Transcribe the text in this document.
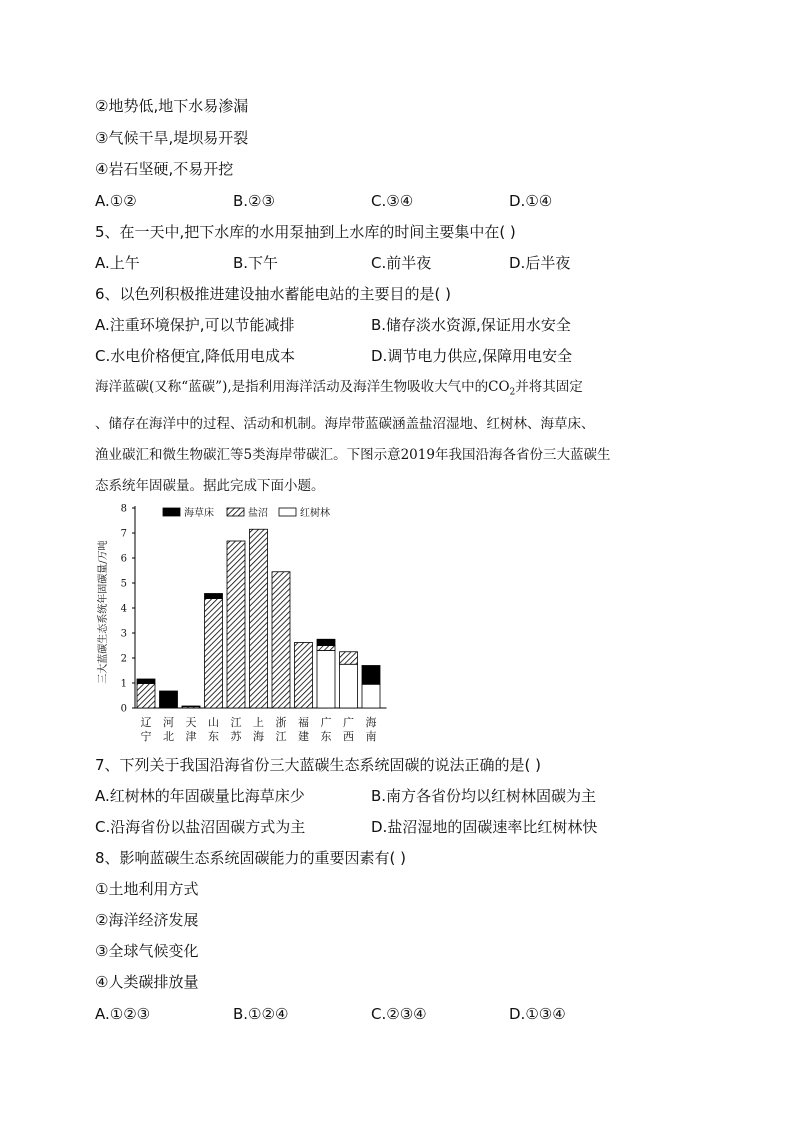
②地势低,地下水易渗漏
③气候干旱,堤坝易开裂
④岩石坚硬,不易开挖
A.①②	B.②③	C.③④	D.①④
5、在一天中,把下水库的水用泵抽到上水库的时间主要集中在( )
A.上午	B.下午	C.前半夜	D.后半夜
6、以色列积极推进建设抽水蓄能电站的主要目的是( )
A.注重环境保护,可以节能减排	B.储存淡水资源,保证用水安全
C.水电价格便宜,降低用电成本	D.调节电力供应,保障用电安全

海洋蓝碳(又称“蓝碳”),是指利用海洋活动及海洋生物吸收大气中的$CO_2$并将其固定

、储存在海洋中的过程、活动和机制。海岸带蓝碳涵盖盐沼湿地、红树林、海草床、

渔业碳汇和微生物碳汇等5类海岸带碳汇。下图示意2019年我国沿海各省份三大蓝碳生

态系统年固碳量。据此完成下面小题。

三大蓝碳生态系统年固碳量/万吨
海草床	盐沼	红树林
0
1
2
3
4
5
6
7
8
辽
宁
河
北
天
津
山
东
江
苏
上
海
浙
江
福
建
广
东
广
西
海
南
7、下列关于我国沿海省份三大蓝碳生态系统固碳的说法正确的是( )
A.红树林的年固碳量比海草床少	B.南方各省份均以红树林固碳为主
C.沿海省份以盐沼固碳方式为主	D.盐沼湿地的固碳速率比红树林快
8、影响蓝碳生态系统固碳能力的重要因素有( )
①土地利用方式
②海洋经济发展
③全球气候变化
④人类碳排放量
A.①②③	B.①②④	C.②③④	D.①③④
